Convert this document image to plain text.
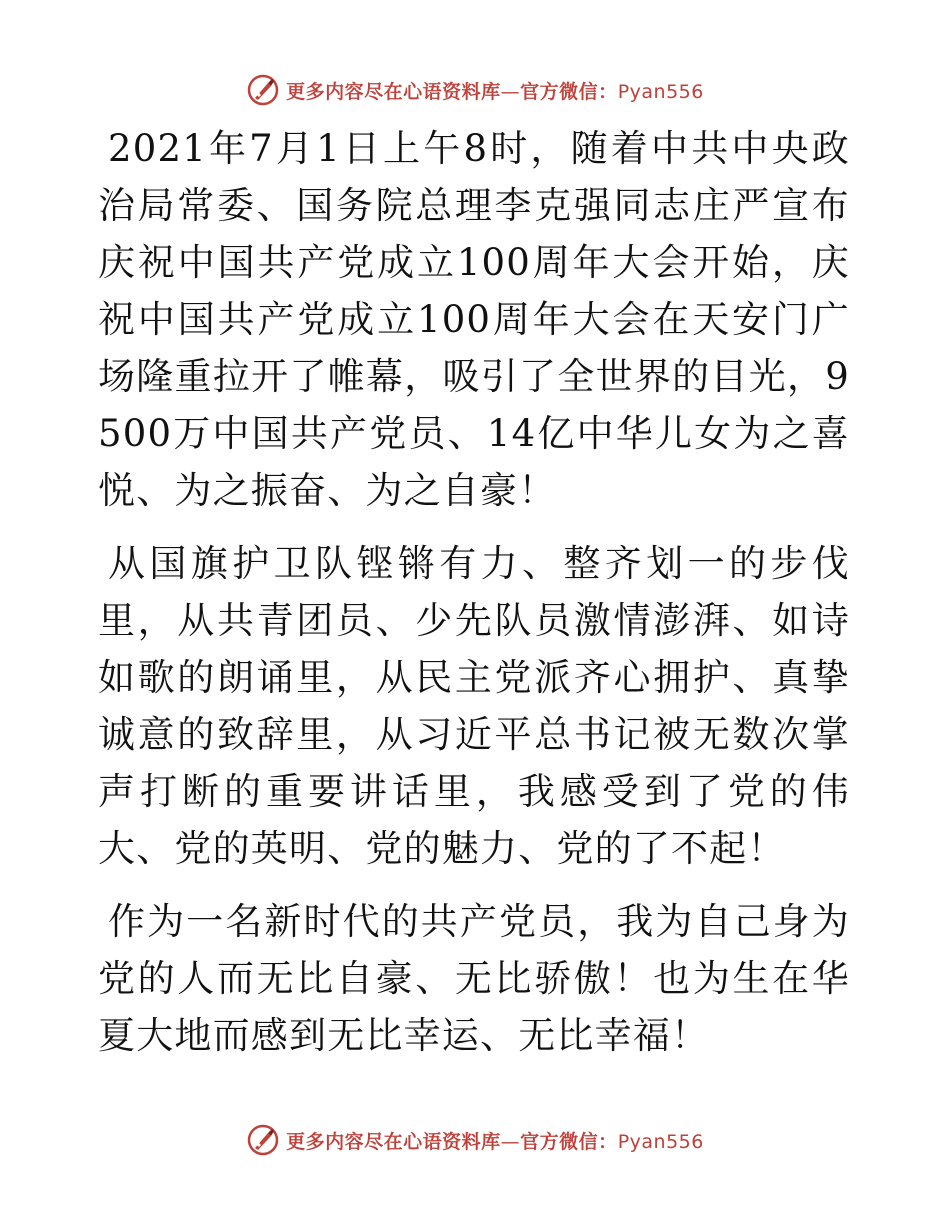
更多内容尽在心语资料库—官方微信：Pyan556

2021年7月1日上午8时，随着中共中央政治局常委、国务院总理李克强同志庄严宣布庆祝中国共产党成立100周年大会开始，庆祝中国共产党成立100周年大会在天安门广场隆重拉开了帷幕，吸引了全世界的目光，9500万中国共产党员、14亿中华儿女为之喜悦、为之振奋、为之自豪！

从国旗护卫队铿锵有力、整齐划一的步伐里，从共青团员、少先队员激情澎湃、如诗如歌的朗诵里，从民主党派齐心拥护、真挚诚意的致辞里，从习近平总书记被无数次掌声打断的重要讲话里，我感受到了党的伟大、党的英明、党的魅力、党的了不起！

作为一名新时代的共产党员，我为自己身为党的人而无比自豪、无比骄傲！也为生在华夏大地而感到无比幸运、无比幸福！

更多内容尽在心语资料库—官方微信：Pyan556
